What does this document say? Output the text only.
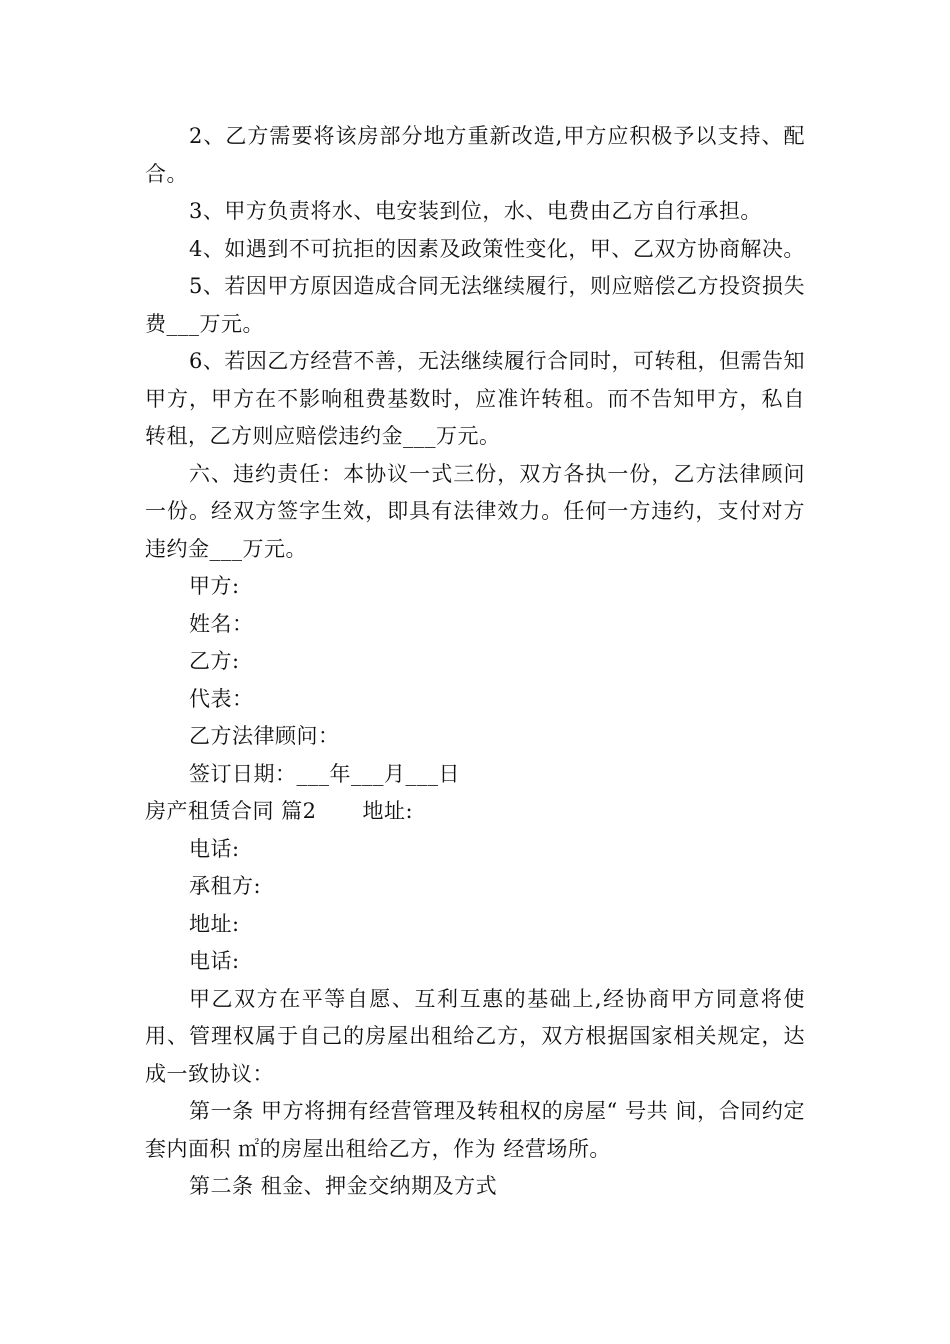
2、乙方需要将该房部分地方重新改造,甲方应积极予以支持、配合。

3、甲方负责将水、电安装到位，水、电费由乙方自行承担。

4、如遇到不可抗拒的因素及政策性变化，甲、乙双方协商解决。

5、若因甲方原因造成合同无法继续履行，则应赔偿乙方投资损失费___万元。

6、若因乙方经营不善，无法继续履行合同时，可转租，但需告知甲方，甲方在不影响租费基数时，应准许转租。而不告知甲方，私自转租，乙方则应赔偿违约金___万元。

六、违约责任：本协议一式三份，双方各执一份，乙方法律顾问一份。经双方签字生效，即具有法律效力。任何一方违约，支付对方违约金___万元。

甲方:

姓名：

乙方:

代表：

乙方法律顾问：

签订日期：___年___月___日

房产租赁合同 篇2 地址:

电话:

承租方:

地址:

电话:

甲乙双方在平等自愿、互利互惠的基础上,经协商甲方同意将使用、管理权属于自己的房屋出租给乙方，双方根据国家相关规定，达成一致协议：

第一条 甲方将拥有经营管理及转租权的房屋“ 号共 间，合同约定套内面积 ㎡的房屋出租给乙方，作为 经营场所。

第二条 租金、押金交纳期及方式
